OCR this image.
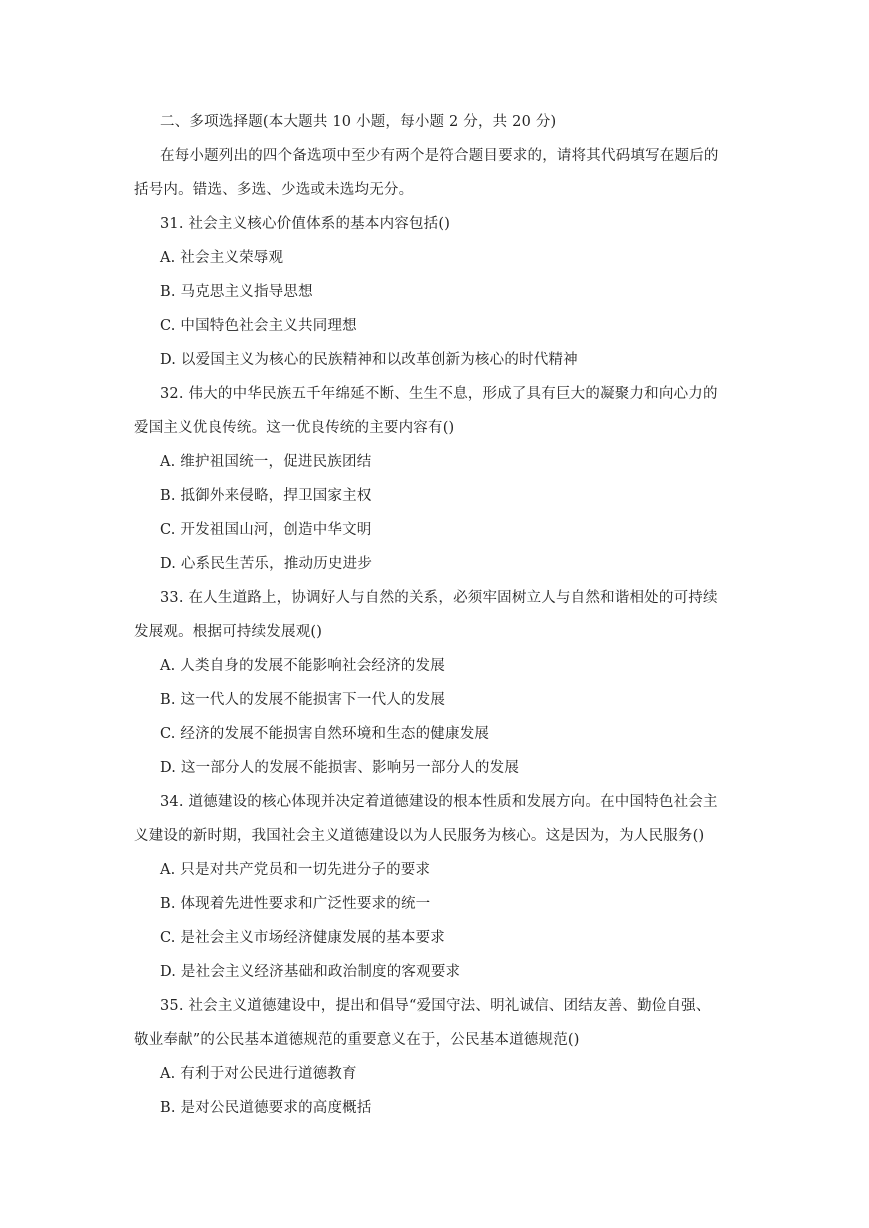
二、多项选择题(本大题共 10 小题，每小题 2 分，共 20 分)
在每小题列出的四个备选项中至少有两个是符合题目要求的，请将其代码填写在题后的
括号内。错选、多选、少选或未选均无分。
31. 社会主义核心价值体系的基本内容包括()
A. 社会主义荣辱观
B. 马克思主义指导思想
C. 中国特色社会主义共同理想
D. 以爱国主义为核心的民族精神和以改革创新为核心的时代精神
32. 伟大的中华民族五千年绵延不断、生生不息，形成了具有巨大的凝聚力和向心力的
爱国主义优良传统。这一优良传统的主要内容有()
A. 维护祖国统一，促进民族团结
B. 抵御外来侵略，捍卫国家主权
C. 开发祖国山河，创造中华文明
D. 心系民生苦乐，推动历史进步
33. 在人生道路上，协调好人与自然的关系，必须牢固树立人与自然和谐相处的可持续
发展观。根据可持续发展观()
A. 人类自身的发展不能影响社会经济的发展
B. 这一代人的发展不能损害下一代人的发展
C. 经济的发展不能损害自然环境和生态的健康发展
D. 这一部分人的发展不能损害、影响另一部分人的发展
34. 道德建设的核心体现并决定着道德建设的根本性质和发展方向。在中国特色社会主
义建设的新时期，我国社会主义道德建设以为人民服务为核心。这是因为，为人民服务()
A. 只是对共产党员和一切先进分子的要求
B. 体现着先进性要求和广泛性要求的统一
C. 是社会主义市场经济健康发展的基本要求
D. 是社会主义经济基础和政治制度的客观要求
35. 社会主义道德建设中，提出和倡导“爱国守法、明礼诚信、团结友善、勤俭自强、
敬业奉献”的公民基本道德规范的重要意义在于，公民基本道德规范()
A. 有利于对公民进行道德教育
B. 是对公民道德要求的高度概括
